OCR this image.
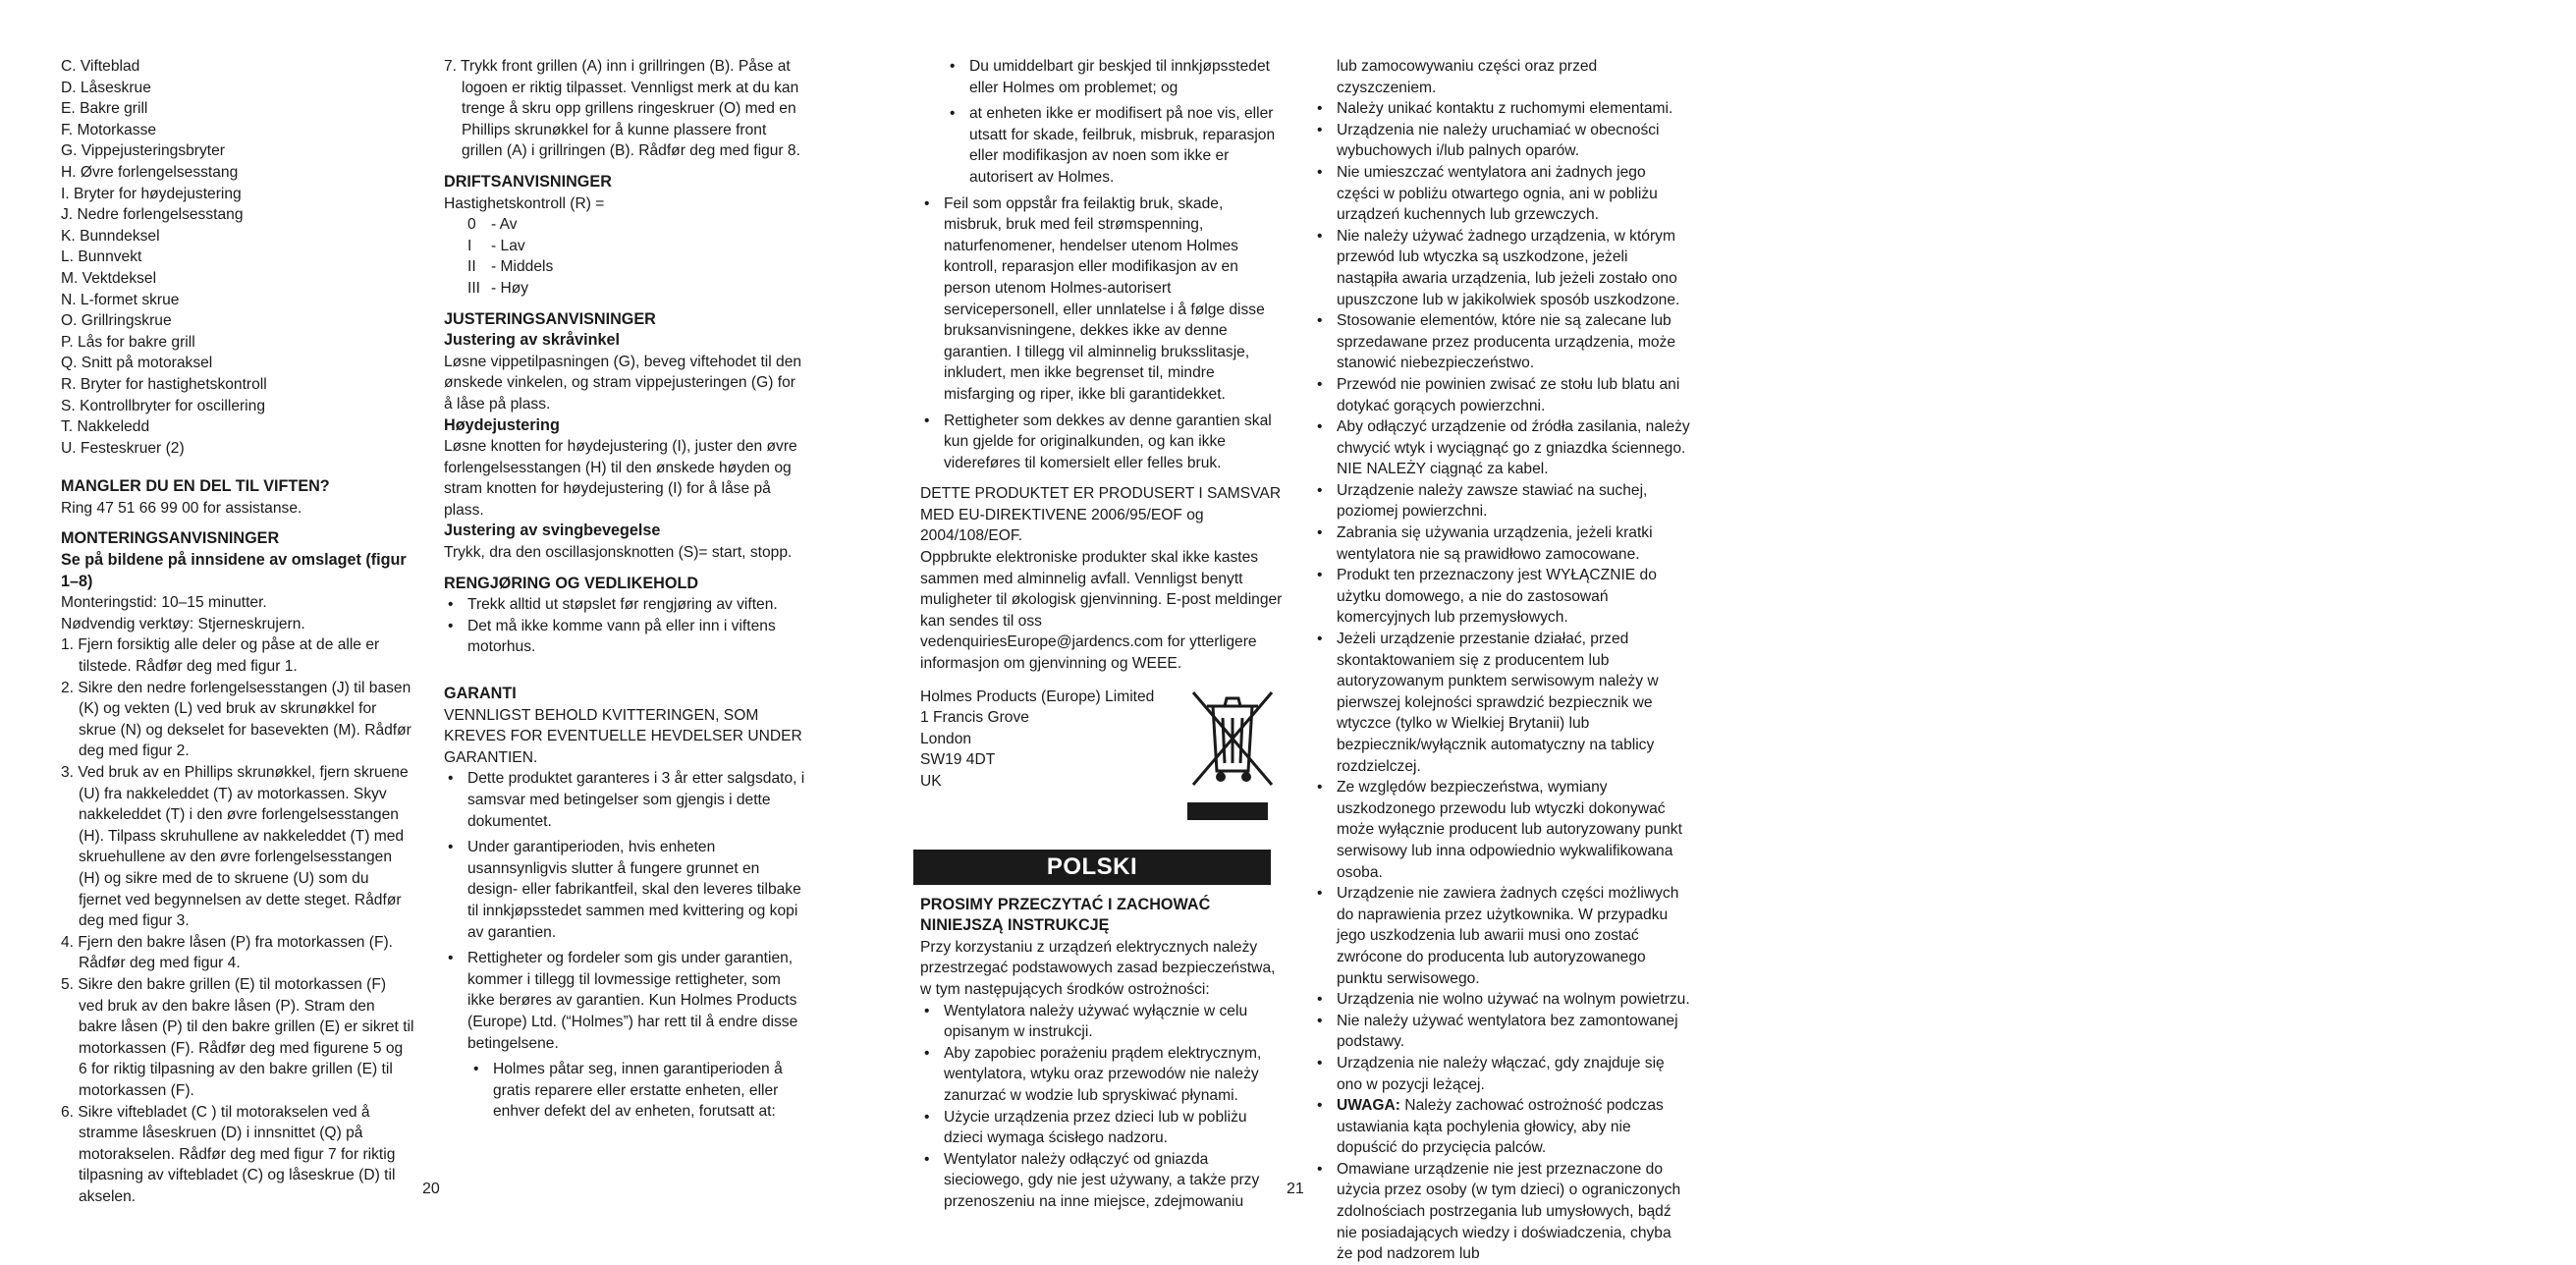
C. Vifteblad
D. Låseskrue
E. Bakre grill
F. Motorkasse
G. Vippejusteringsbryter
H. Øvre forlengelsesstang
I. Bryter for høydejustering
J. Nedre forlengelsesstang
K. Bunndeksel
L. Bunnvekt
M. Vektdeksel
N. L-formet skrue
O. Grillringskrue
P. Lås for bakre grill
Q. Snitt på motoraksel
R. Bryter for hastighetskontroll
S. Kontrollbryter for oscillering
T. Nakkeledd
U. Festeskruer (2)

MANGLER DU EN DEL TIL VIFTEN?

Ring 47 51 66 99 00 for assistanse.

MONTERINGSANVISNINGER

Se på bildene på innsidene av omslaget (figur 1–8)

Monteringstid: 10–15 minutter.

Nødvendig verktøy: Stjerneskrujern.

1. Fjern forsiktig alle deler og påse at de alle er tilstede. Rådfør deg med figur 1.
2. Sikre den nedre forlengelsesstangen (J) til basen (K) og vekten (L) ved bruk av skrunøkkel for skrue (N) og dekselet for basevekten (M). Rådfør deg med figur 2.
3. Ved bruk av en Phillips skrunøkkel, fjern skruene (U) fra nakkeleddet (T) av motorkassen. Skyv nakkeleddet (T) i den øvre forlengelsesstangen (H). Tilpass skruhullene av nakkeleddet (T) med skruehullene av den øvre forlengelsesstangen (H) og sikre med de to skruene (U) som du fjernet ved begynnelsen av dette steget. Rådfør deg med figur 3.
4. Fjern den bakre låsen (P) fra motorkassen (F). Rådfør deg med figur 4.
5. Sikre den bakre grillen (E) til motorkassen (F) ved bruk av den bakre låsen (P). Stram den bakre låsen (P) til den bakre grillen (E) er sikret til motorkassen (F). Rådfør deg med figurene 5 og 6 for riktig tilpasning av den bakre grillen (E) til motorkassen (F).
6. Sikre viftebladet (C ) til motorakselen ved å stramme låseskruen (D) i innsnittet (Q) på motorakselen. Rådfør deg med figur 7 for riktig tilpasning av viftebladet (C) og låseskrue (D) til akselen.
7. Trykk front grillen (A) inn i grillringen (B). Påse at logoen er riktig tilpasset. Vennligst merk at du kan trenge å skru opp grillens ringeskruer (O) med en Phillips skrunøkkel for å kunne plassere front grillen (A) i grillringen (B). Rådfør deg med figur 8.

DRIFTSANVISNINGER

Hastighetskontroll (R) =

0 - Av
I - Lav
II - Middels
III - Høy

JUSTERINGSANVISNINGER

Justering av skråvinkel

Løsne vippetilpasningen (G), beveg viftehodet til den ønskede vinkelen, og stram vippejusteringen (G) for å låse på plass.

Høydejustering

Løsne knotten for høydejustering (I), juster den øvre forlengelsesstangen (H) til den ønskede høyden og stram knotten for høydejustering (I) for å låse på plass.

Justering av svingbevegelse

Trykk, dra den oscillasjonsknotten (S)= start, stopp.

RENGJØRING OG VEDLIKEHOLD

• Trekk alltid ut støpslet før rengjøring av viften.
• Det må ikke komme vann på eller inn i viftens motorhus.

GARANTI

VENNLIGST BEHOLD KVITTERINGEN, SOM KREVES FOR EVENTUELLE HEVDELSER UNDER GARANTIEN.

• Dette produktet garanteres i 3 år etter salgsdato, i samsvar med betingelser som gjengis i dette dokumentet.
• Under garantiperioden, hvis enheten usannsynligvis slutter å fungere grunnet en design- eller fabrikantfeil, skal den leveres tilbake til innkjøpsstedet sammen med kvittering og kopi av garantien.
• Rettigheter og fordeler som gis under garantien, kommer i tillegg til lovmessige rettigheter, som ikke berøres av garantien. Kun Holmes Products (Europe) Ltd. (“Holmes”) har rett til å endre disse betingelsene.
• Holmes påtar seg, innen garantiperioden å gratis reparere eller erstatte enheten, eller enhver defekt del av enheten, forutsatt at:
• Du umiddelbart gir beskjed til innkjøpsstedet eller Holmes om problemet; og
• at enheten ikke er modifisert på noe vis, eller utsatt for skade, feilbruk, misbruk, reparasjon eller modifikasjon av noen som ikke er autorisert av Holmes.
• Feil som oppstår fra feilaktig bruk, skade, misbruk, bruk med feil strømspenning, naturfenomener, hendelser utenom Holmes kontroll, reparasjon eller modifikasjon av en person utenom Holmes-autorisert servicepersonell, eller unnlatelse i å følge disse bruksanvisningene, dekkes ikke av denne garantien. I tillegg vil alminnelig bruksslitasje, inkludert, men ikke begrenset til, mindre misfarging og riper, ikke bli garantidekket.
• Rettigheter som dekkes av denne garantien skal kun gjelde for originalkunden, og kan ikke videreføres til komersielt eller felles bruk.

DETTE PRODUKTET ER PRODUSERT I SAMSVAR MED EU-DIREKTIVENE 2006/95/EOF og 2004/108/EOF.

Oppbrukte elektroniske produkter skal ikke kastes sammen med alminnelig avfall. Vennligst benytt muligheter til økologisk gjenvinning. E-post meldinger kan sendes til oss vedenquiriesEurope@jardencs.com for ytterligere informasjon om gjenvinning og WEEE.

Holmes Products (Europe) Limited

1 Francis Grove

London

SW19 4DT

UK

POLSKI

PROSIMY PRZECZYTAĆ I ZACHOWAĆ NINIEJSZĄ INSTRUKCJĘ

Przy korzystaniu z urządzeń elektrycznych należy przestrzegać podstawowych zasad bezpieczeństwa, w tym następujących środków ostrożności:

• Wentylatora należy używać wyłącznie w celu opisanym w instrukcji.
• Aby zapobiec porażeniu prądem elektrycznym, wentylatora, wtyku oraz przewodów nie należy zanurzać w wodzie lub spryskiwać płynami.
• Użycie urządzenia przez dzieci lub w pobliżu dzieci wymaga ścisłego nadzoru.
• Wentylator należy odłączyć od gniazda sieciowego, gdy nie jest używany, a także przy przenoszeniu na inne miejsce, zdejmowaniu

lub zamocowywaniu części oraz przed czyszczeniem.

• Należy unikać kontaktu z ruchomymi elementami.
• Urządzenia nie należy uruchamiać w obecności wybuchowych i/lub palnych oparów.
• Nie umieszczać wentylatora ani żadnych jego części w pobliżu otwartego ognia, ani w pobliżu urządzeń kuchennych lub grzewczych.
• Nie należy używać żadnego urządzenia, w którym przewód lub wtyczka są uszkodzone, jeżeli nastąpiła awaria urządzenia, lub jeżeli zostało ono upuszczone lub w jakikolwiek sposób uszkodzone.
• Stosowanie elementów, które nie są zalecane lub sprzedawane przez producenta urządzenia, może stanowić niebezpieczeństwo.
• Przewód nie powinien zwisać ze stołu lub blatu ani dotykać gorących powierzchni.
• Aby odłączyć urządzenie od źródła zasilania, należy chwycić wtyk i wyciągnąć go z gniazdka ściennego. NIE NALEŻY ciągnąć za kabel.
• Urządzenie należy zawsze stawiać na suchej, poziomej powierzchni.
• Zabrania się używania urządzenia, jeżeli kratki wentylatora nie są prawidłowo zamocowane.
• Produkt ten przeznaczony jest WYŁĄCZNIE do użytku domowego, a nie do zastosowań komercyjnych lub przemysłowych.
• Jeżeli urządzenie przestanie działać, przed skontaktowaniem się z producentem lub autoryzowanym punktem serwisowym należy w pierwszej kolejności sprawdzić bezpiecznik we wtyczce (tylko w Wielkiej Brytanii) lub bezpiecznik/wyłącznik automatyczny na tablicy rozdzielczej.
• Ze względów bezpieczeństwa, wymiany uszkodzonego przewodu lub wtyczki dokonywać może wyłącznie producent lub autoryzowany punkt serwisowy lub inna odpowiednio wykwalifikowana osoba.
• Urządzenie nie zawiera żadnych części możliwych do naprawienia przez użytkownika. W przypadku jego uszkodzenia lub awarii musi ono zostać zwrócone do producenta lub autoryzowanego punktu serwisowego.
• Urządzenia nie wolno używać na wolnym powietrzu.
• Nie należy używać wentylatora bez zamontowanej podstawy.
• Urządzenia nie należy włączać, gdy znajduje się ono w pozycji leżącej.
• UWAGA: Należy zachować ostrożność podczas ustawiania kąta pochylenia głowicy, aby nie dopuścić do przycięcia palców.
• Omawiane urządzenie nie jest przeznaczone do użycia przez osoby (w tym dzieci) o ograniczonych zdolnościach postrzegania lub umysłowych, bądź nie posiadających wiedzy i doświadczenia, chyba że pod nadzorem lub
20	21
